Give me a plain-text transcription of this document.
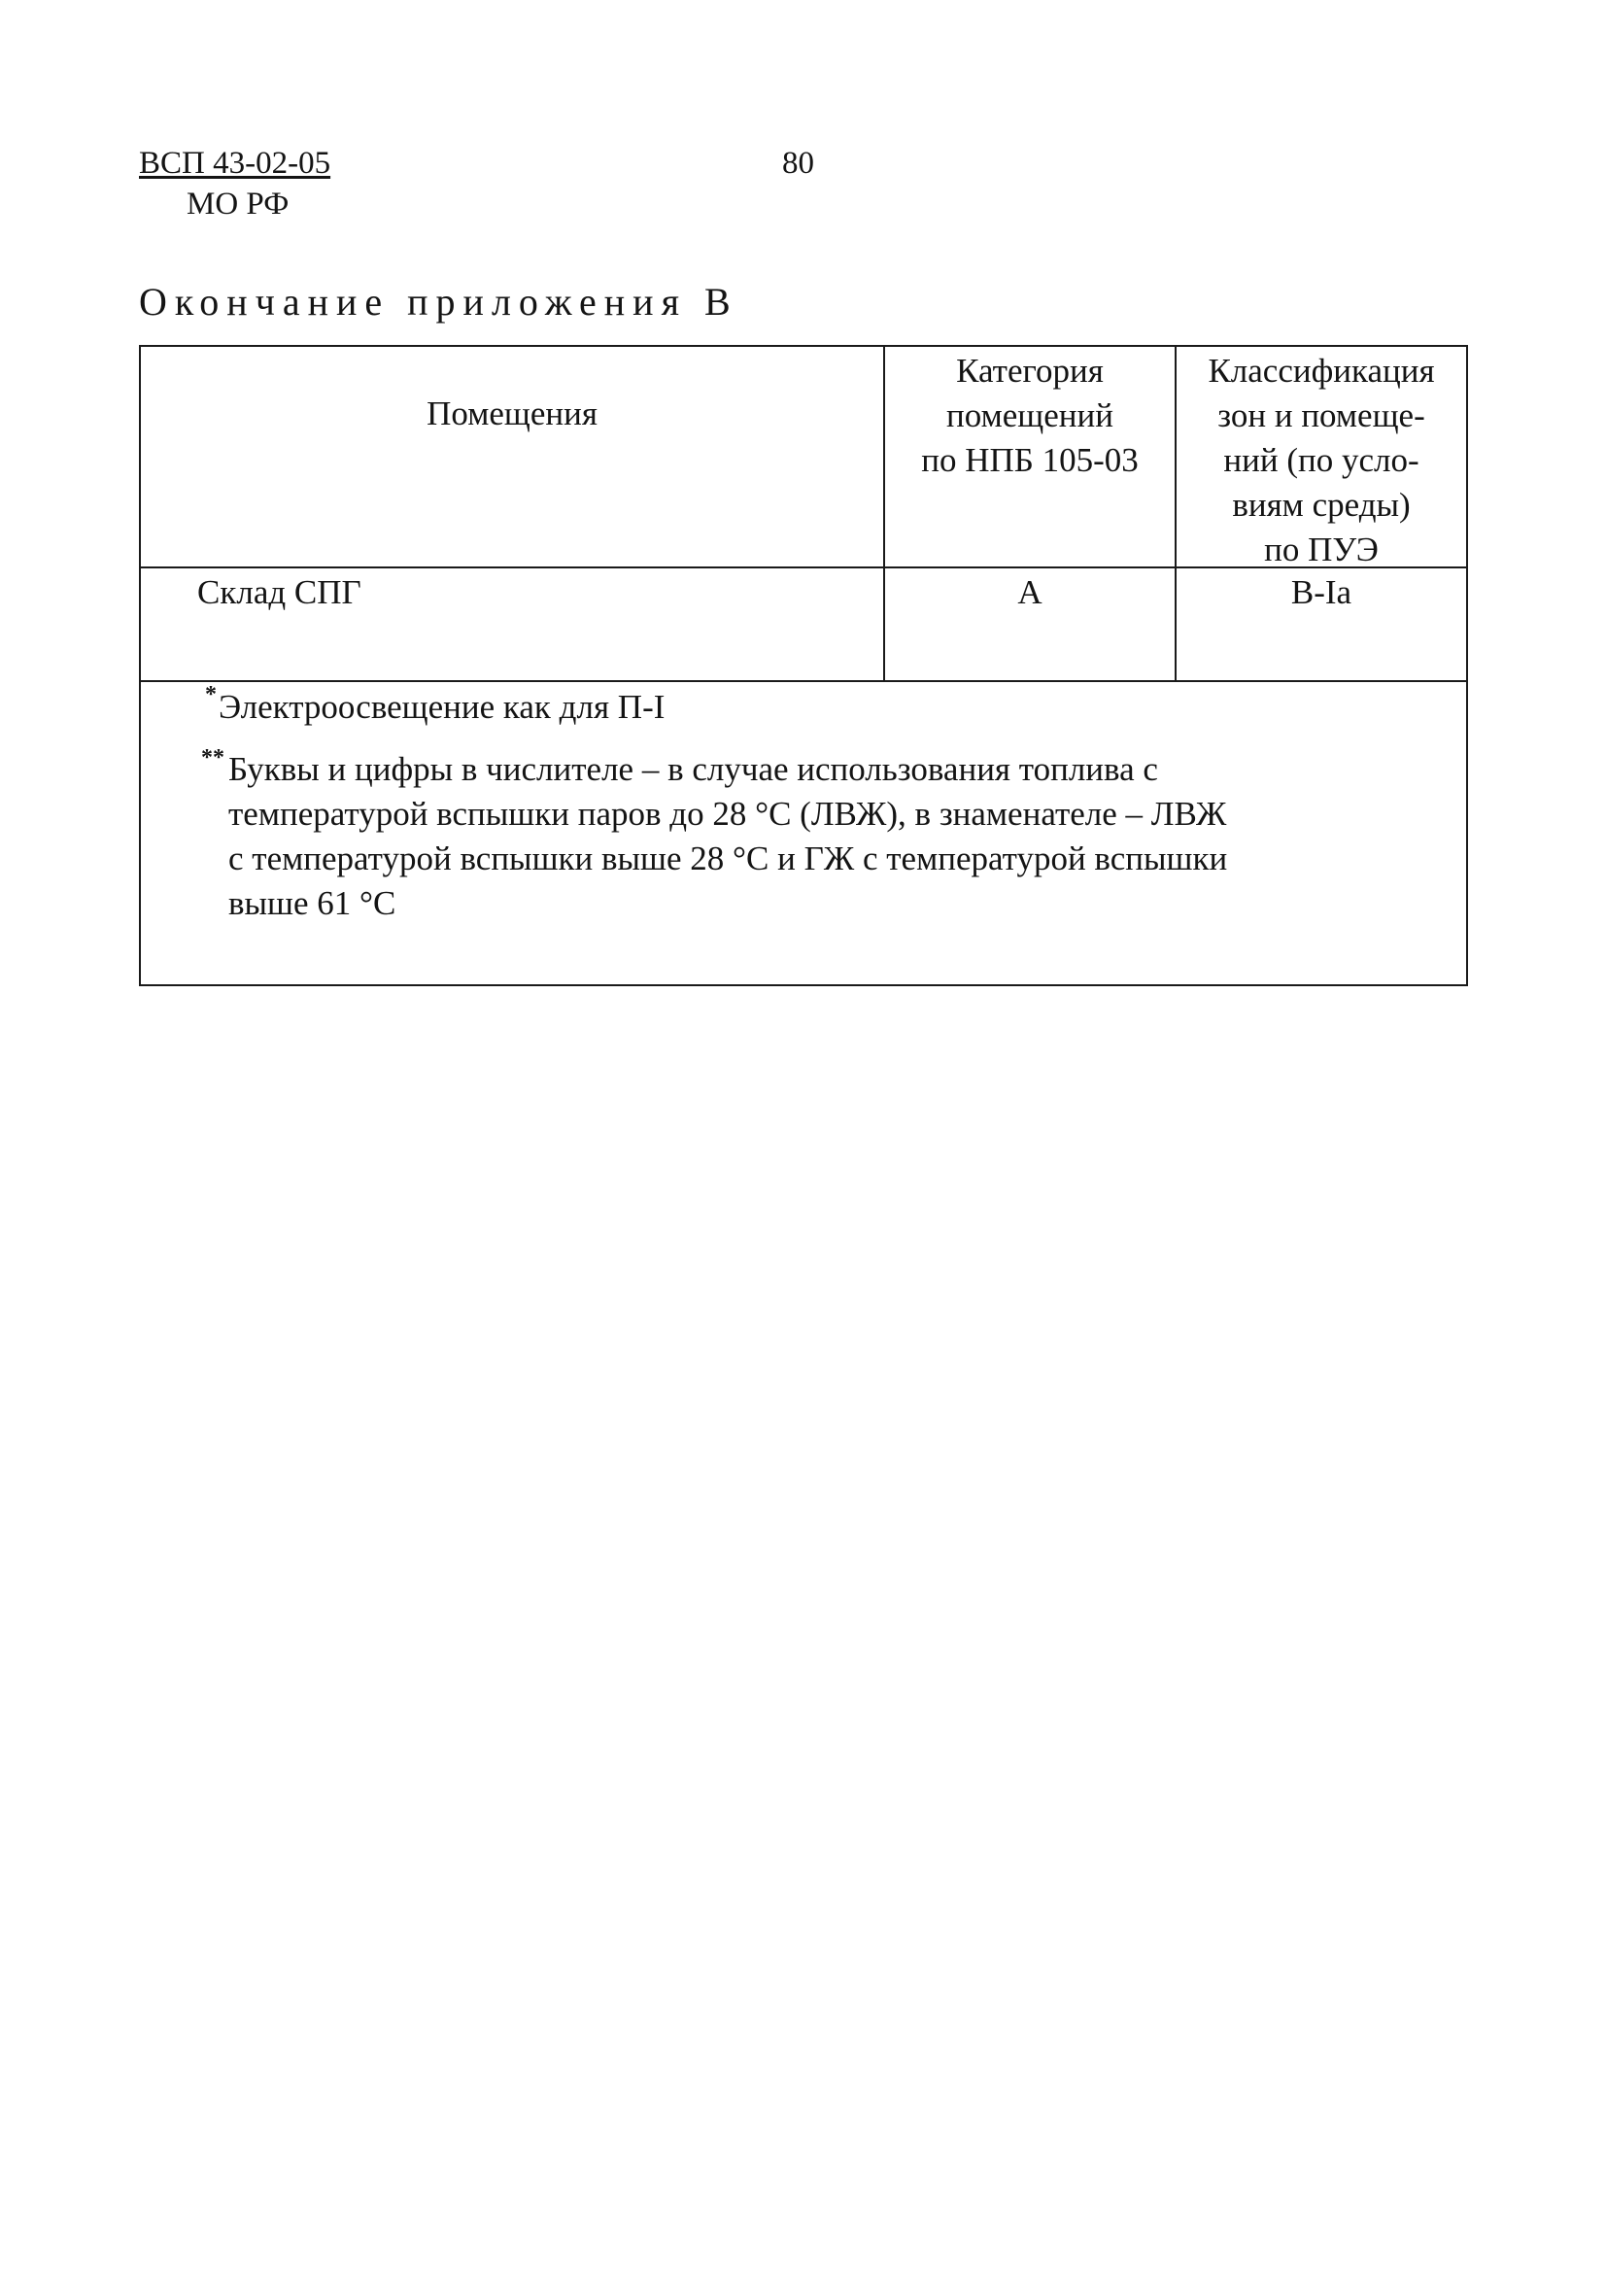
ВСП 43-02-05
МО РФ
80
Окончание приложения В
Помещения
Категория
помещений
по НПБ 105-03
Классификация
зон и помеще-
ний (по усло-
виям среды)
по ПУЭ
Склад СПГ	А	В-Iа
* Электроосвещение как для П-I
** Буквы и цифры в числителе – в случае использования топлива с
температурой вспышки паров до 28 °С (ЛВЖ), в знаменателе – ЛВЖ
с температурой вспышки выше 28 °С и ГЖ с температурой вспышки
выше 61 °С
